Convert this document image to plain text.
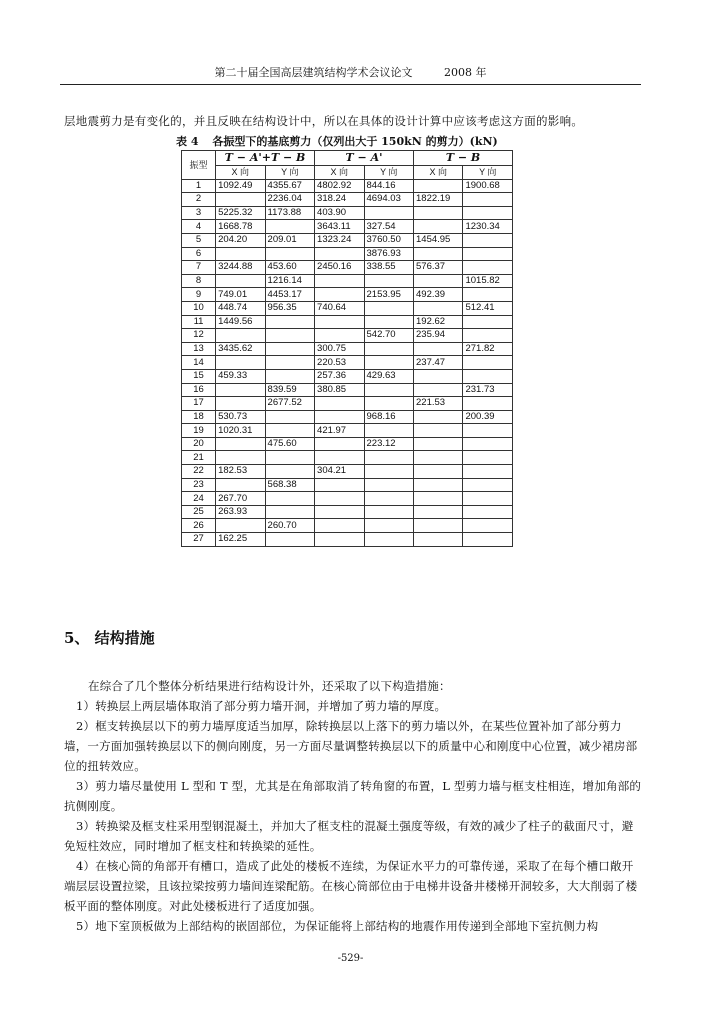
第二十届全国高层建筑结构学术会议论文	2008 年
层地震剪力是有变化的，并且反映在结构设计中，所以在具体的设计计算中应该考虑这方面的影响。
表 4 各振型下的基底剪力（仅列出大于 150kN 的剪力）(kN)
振型	T − A'+T − B		T − A'		T − B	
	X 向	Y 向	X 向	Y 向	X 向	Y 向
1	1092.49	4355.67	4802.92	844.16		1900.68
2		2236.04	318.24	4694.03	1822.19	
3	5225.32	1173.88	403.90			
4	1668.78		3643.11	327.54		1230.34
5	204.20	209.01	1323.24	3760.50	1454.95	
6				3876.93		
7	3244.88	453.60	2450.16	338.55	576.37	
8		1216.14				1015.82
9	749.01	4453.17		2153.95	492.39	
10	448.74	956.35	740.64			512.41
11	1449.56				192.62	
12				542.70	235.94	
13	3435.62		300.75			271.82
14			220.53		237.47	
15	459.33		257.36	429.63		
16		839.59	380.85			231.73
17		2677.52			221.53	
18	530.73			968.16		200.39
19	1020.31		421.97			
20		475.60		223.12		
21						
22	182.53		304.21			
23		568.38				
24	267.70					
25	263.93					
26		260.70				
27	162.25					
5、 结构措施
在综合了几个整体分析结果进行结构设计外，还采取了以下构造措施：
1）转换层上两层墙体取消了部分剪力墙开洞，并增加了剪力墙的厚度。
2）框支转换层以下的剪力墙厚度适当加厚，除转换层以上落下的剪力墙以外，在某些位置补加了部分剪力墙，一方面加强转换层以下的侧向刚度，另一方面尽量调整转换层以下的质量中心和刚度中心位置，减少裙房部位的扭转效应。
3）剪力墙尽量使用 L 型和 T 型，尤其是在角部取消了转角窗的布置，L 型剪力墙与框支柱相连，增加角部的抗侧刚度。
3）转换梁及框支柱采用型钢混凝土，并加大了框支柱的混凝土强度等级，有效的减少了柱子的截面尺寸，避免短柱效应，同时增加了框支柱和转换梁的延性。
4）在核心筒的角部开有槽口，造成了此处的楼板不连续，为保证水平力的可靠传递，采取了在每个槽口敞开端层层设置拉梁，且该拉梁按剪力墙间连梁配筋。在核心筒部位由于电梯井设备井楼梯开洞较多，大大削弱了楼板平面的整体刚度。对此处楼板进行了适度加强。
5）地下室顶板做为上部结构的嵌固部位，为保证能将上部结构的地震作用传递到全部地下室抗侧力构
-529-
